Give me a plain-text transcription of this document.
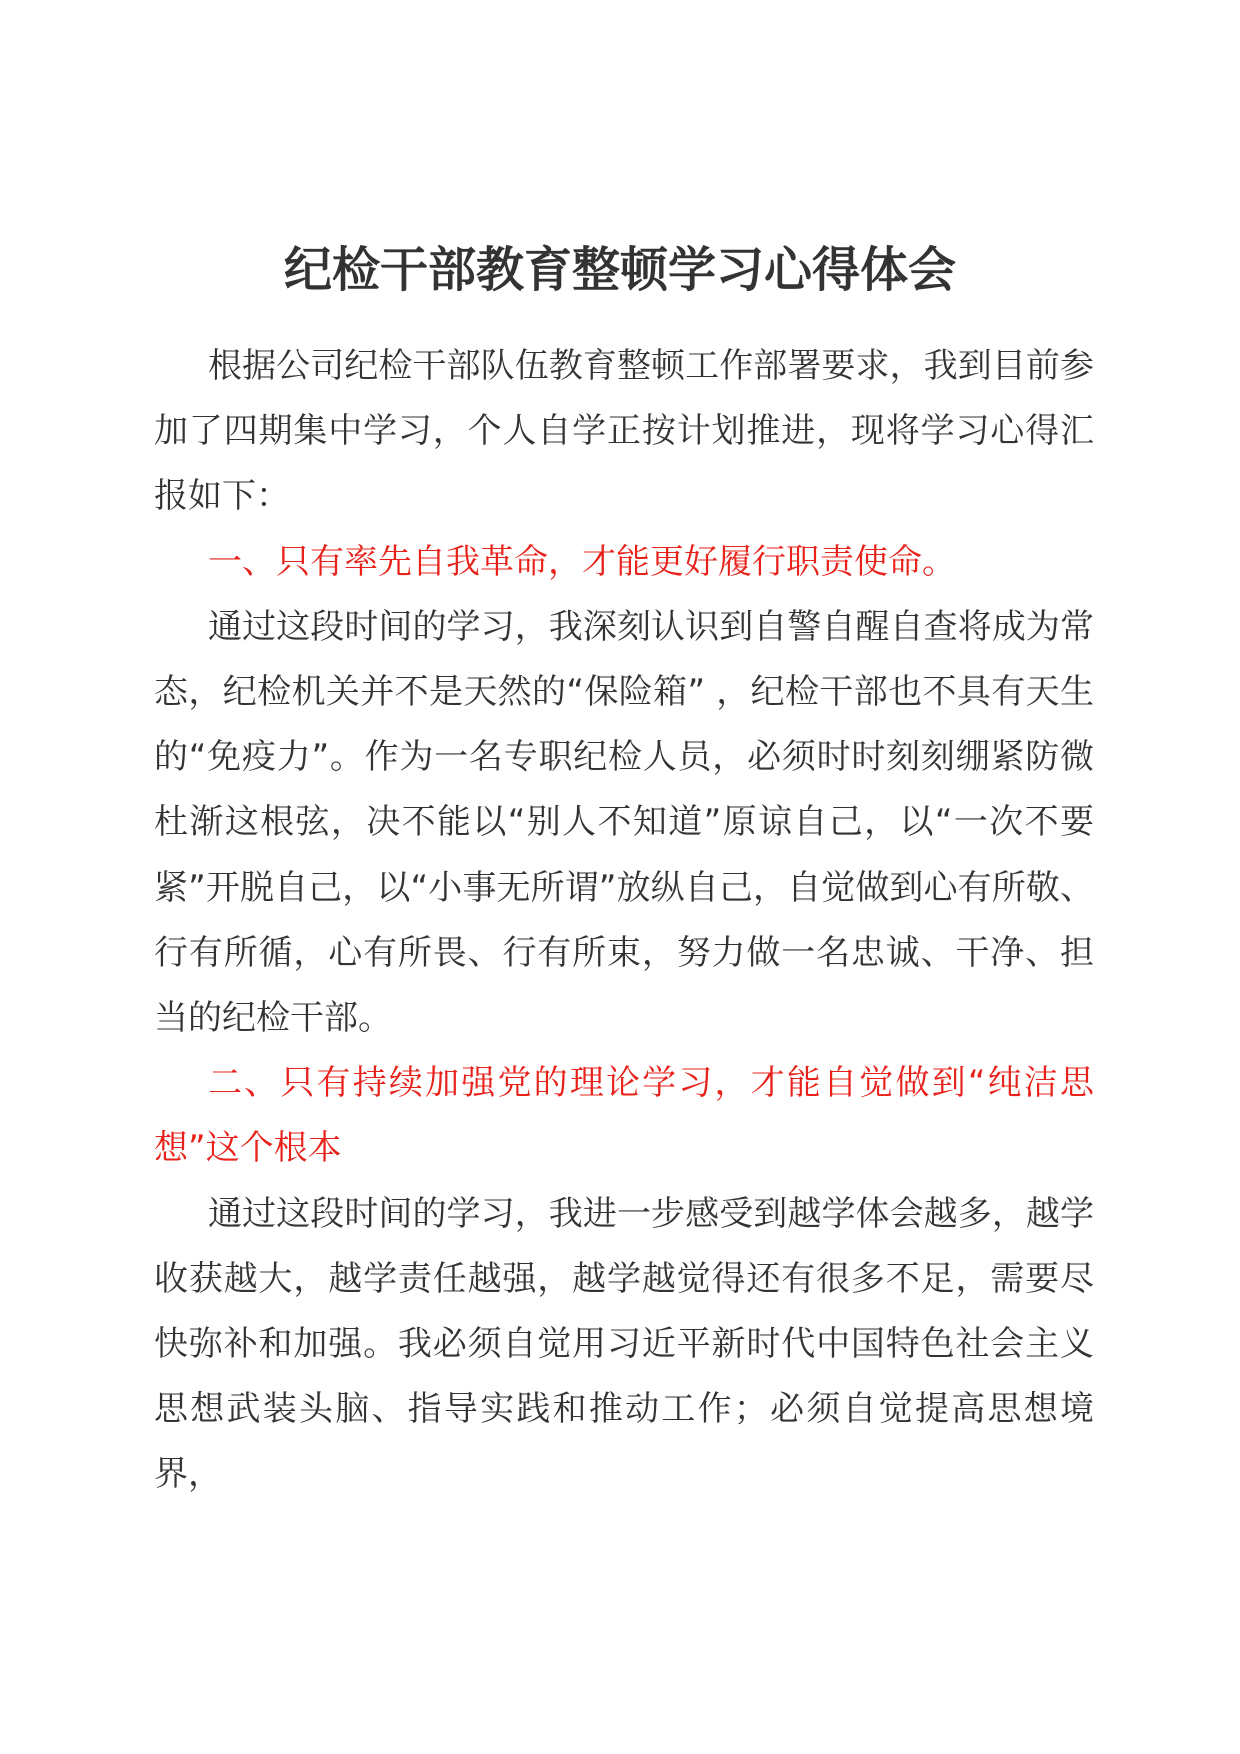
纪检干部教育整顿学习心得体会

根据公司纪检干部队伍教育整顿工作部署要求，我到目前参加了四期集中学习，个人自学正按计划推进，现将学习心得汇报如下：

一、只有率先自我革命，才能更好履行职责使命。

通过这段时间的学习，我深刻认识到自警自醒自查将成为常态，纪检机关并不是天然的“保险箱” ，纪检干部也不具有天生的“免疫力”。作为一名专职纪检人员，必须时时刻刻绷紧防微杜渐这根弦，决不能以“别人不知道”原谅自己，以“一次不要紧”开脱自己，以“小事无所谓”放纵自己，自觉做到心有所敬、行有所循，心有所畏、行有所束，努力做一名忠诚、干净、担当的纪检干部。

二、只有持续加强党的理论学习，才能自觉做到“纯洁思想”这个根本

通过这段时间的学习，我进一步感受到越学体会越多，越学收获越大，越学责任越强，越学越觉得还有很多不足，需要尽快弥补和加强。我必须自觉用习近平新时代中国特色社会主义思想武装头脑、指导实践和推动工作；必须自觉提高思想境界，
